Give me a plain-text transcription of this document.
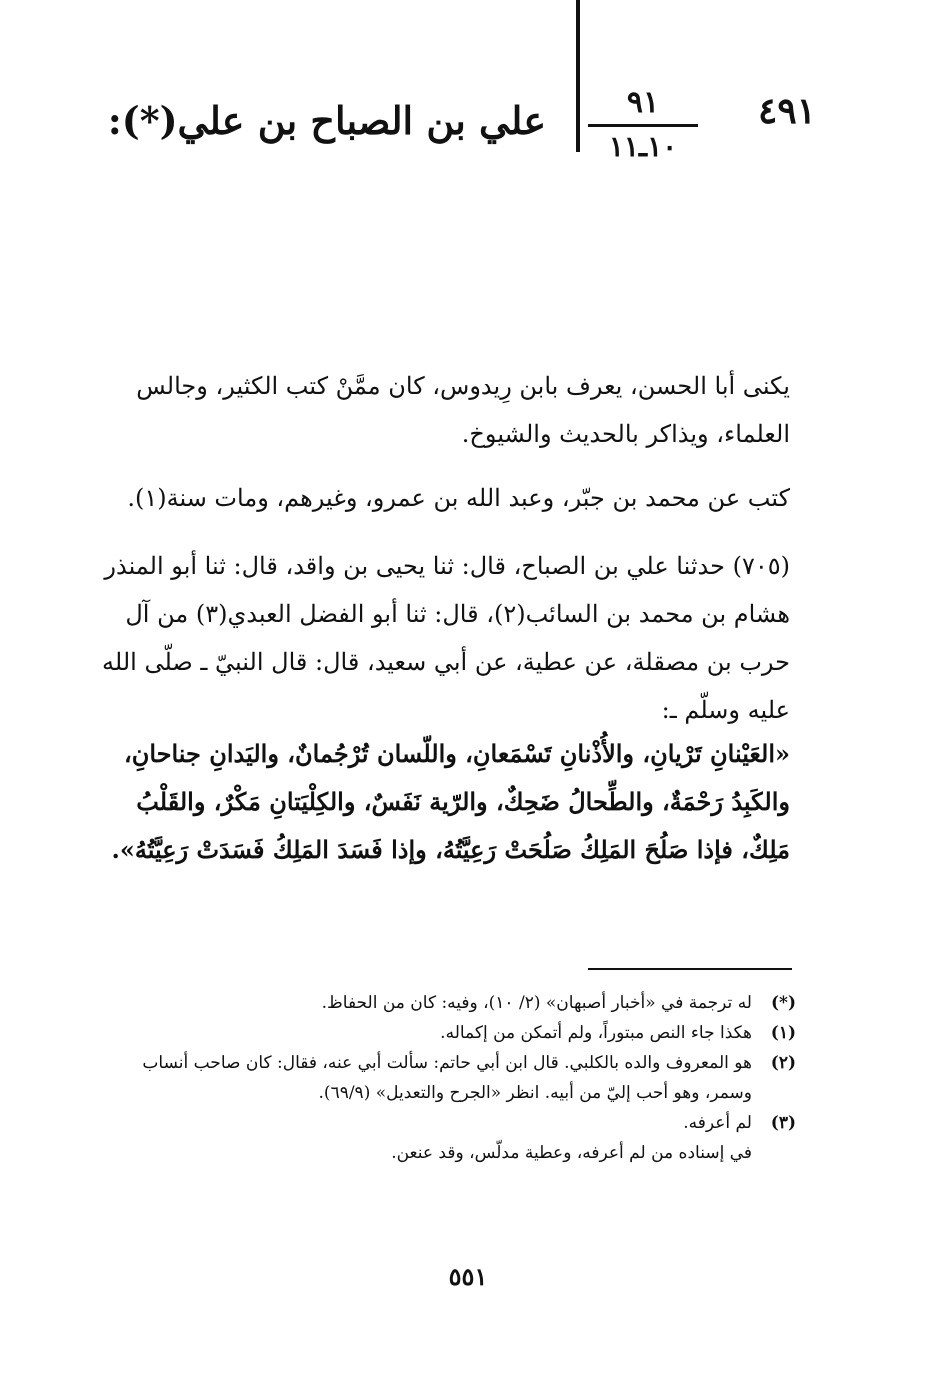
٤٩١
٩١
١٠ـ١١
علي بن الصباح بن علي(*):
يكنى أبا الحسن، يعرف بابن رِيدوس، كان ممَّنْ كتب الكثير، وجالس العلماء، ويذاكر بالحديث والشيوخ.
كتب عن محمد بن جبّر، وعبد الله بن عمرو، وغيرهم، ومات سنة(١).
(٧٠٥) حدثنا علي بن الصباح، قال: ثنا يحيى بن واقد، قال: ثنا أبو المنذر هشام بن محمد بن السائب(٢)، قال: ثنا أبو الفضل العبدي(٣) من آل حرب بن مصقلة، عن عطية، عن أبي سعيد، قال: قال النبيّ ـ صلّى الله عليه وسلّم ـ:
«العَيْنانِ تَرْيانِ، والأُذْنانِ تَسْمَعانِ، واللّسان تُرْجُمانٌ، واليَدانِ جناحانِ، والكَبِدُ رَحْمَةٌ، والطِّحالُ ضَحِكٌ، والرّية نَفَسٌ، والكِلْيَتانِ مَكْرٌ، والقَلْبُ مَلِكٌ، فإذا صَلُحَ المَلِكُ صَلُحَتْ رَعِيَّتُهُ، وإذا فَسَدَ المَلِكُ فَسَدَتْ رَعِيَّتُهُ».
(*)
له ترجمة في «أخبار أصبهان» (٢/ ١٠)، وفيه: كان من الحفاظ.
(١)
هكذا جاء النص مبتوراً، ولم أتمكن من إكماله.
(٢)
هو المعروف والده بالكلبي. قال ابن أبي حاتم: سألت أبي عنه، فقال: كان صاحب أنساب وسمر، وهو أحب إليّ من أبيه. انظر «الجرح والتعديل» (٦٩/٩).
(٣)
لم أعرفه.
في إسناده من لم أعرفه، وعطية مدلّس، وقد عنعن.
٥٥١
